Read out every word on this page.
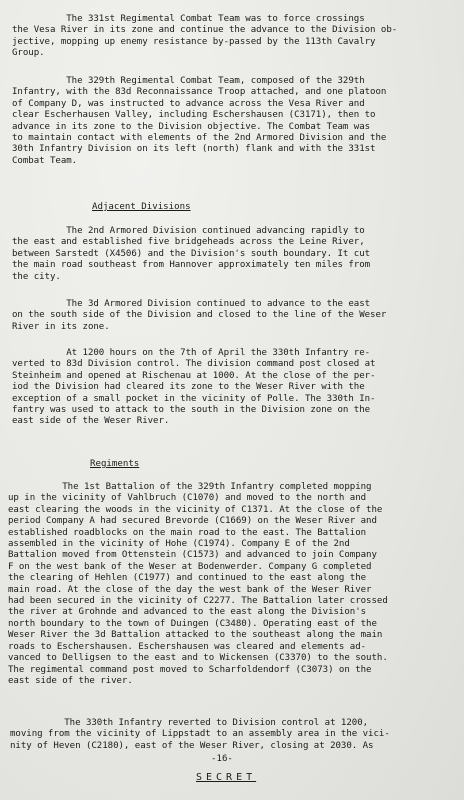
The 331st Regimental Combat Team was to force crossings
the Vesa River in its zone and continue the advance to the Division ob-
jective, mopping up enemy resistance by-passed by the 113th Cavalry
Group.

The 329th Regimental Combat Team, composed of the 329th
Infantry, with the 83d Reconnaissance Troop attached, and one platoon
of Company D, was instructed to advance across the Vesa River and
clear Escherhausen Valley, including Eschershausen (C3171), then to
advance in its zone to the Division objective. The Combat Team was
to maintain contact with elements of the 2nd Armored Division and the
30th Infantry Division on its left (north) flank and with the 331st
Combat Team.

Adjacent Divisions

The 2nd Armored Division continued advancing rapidly to
the east and established five bridgeheads across the Leine River,
between Sarstedt (X4506) and the Division's south boundary. It cut
the main road southeast from Hannover approximately ten miles from
the city.

The 3d Armored Division continued to advance to the east
on the south side of the Division and closed to the line of the Weser
River in its zone.

At 1200 hours on the 7th of April the 330th Infantry re-
verted to 83d Division control. The division command post closed at
Steinheim and opened at Rischenau at 1000. At the close of the per-
iod the Division had cleared its zone to the Weser River with the
exception of a small pocket in the vicinity of Polle. The 330th In-
fantry was used to attack to the south in the Division zone on the
east side of the Weser River.

Regiments

The 1st Battalion of the 329th Infantry completed mopping
up in the vicinity of Vahlbruch (C1070) and moved to the north and
east clearing the woods in the vicinity of C1371. At the close of the
period Company A had secured Brevorde (C1669) on the Weser River and
established roadblocks on the main road to the east. The Battalion
assembled in the vicinity of Hohe (C1974). Company E of the 2nd
Battalion moved from Ottenstein (C1573) and advanced to join Company
F on the west bank of the Weser at Bodenwerder. Company G completed
the clearing of Hehlen (C1977) and continued to the east along the
main road. At the close of the day the west bank of the Weser River
had been secured in the vicinity of C2277. The Battalion later crossed
the river at Grohnde and advanced to the east along the Division's
north boundary to the town of Duingen (C3480). Operating east of the
Weser River the 3d Battalion attacked to the southeast along the main
roads to Eschershausen. Eschershausen was cleared and elements ad-
vanced to Delligsen to the east and to Wickensen (C3370) to the south.
The regimental command post moved to Scharfoldendorf (C3073) on the
east side of the river.

The 330th Infantry reverted to Division control at 1200,
moving from the vicinity of Lippstadt to an assembly area in the vici-
nity of Heven (C2180), east of the Weser River, closing at 2030. As

-16-
SECRET
